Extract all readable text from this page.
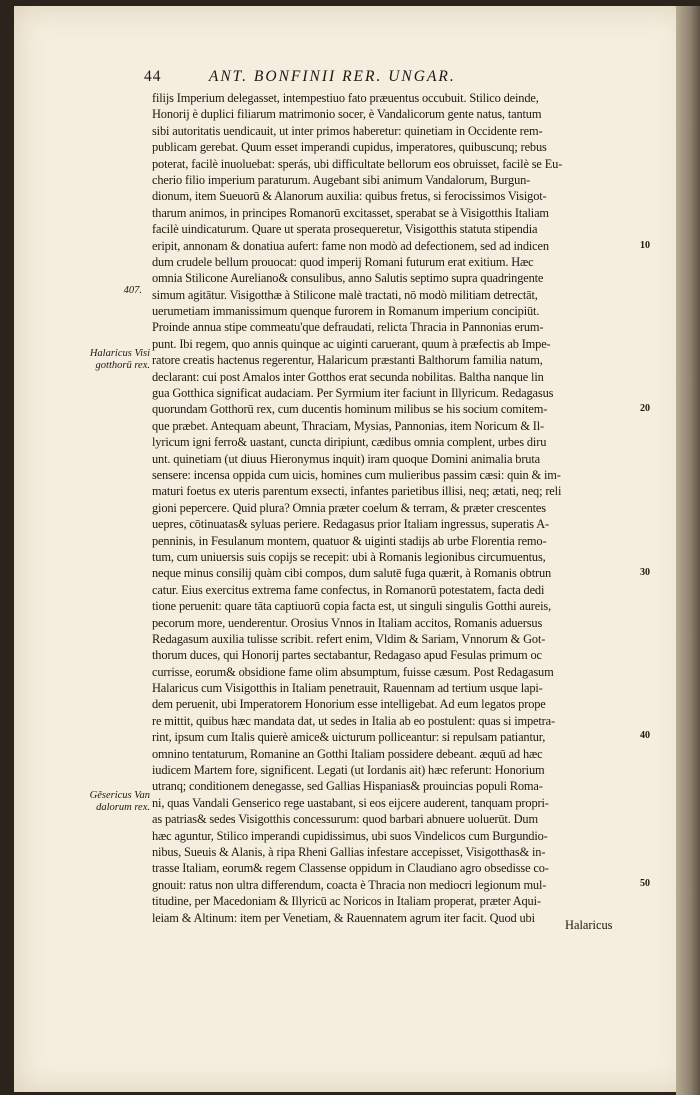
44	ANT. BONFINII RER. UNGAR.
filijs Imperium delegasset, intempestiuo fato præuentus occubuit. Stilico deinde,
Honorij è duplici filiarum matrimonio socer, è Vandalicorum gente natus, tantum
sibi autoritatis uendicauit, ut inter primos haberetur: quinetiam in Occidente rem-
publicam gerebat. Quum esset imperandi cupidus, imperatores, quibuscunq; rebus
poterat, facilè inuoluebat: sperás, ubi difficultate bellorum eos obruisset, facilè se Eu-
cherio filio imperium paraturum. Augebant sibi animum Vandalorum, Burgun-
dionum, item Sueuorū & Alanorum auxilia: quibus fretus, si ferocissimos Visigot-
tharum animos, in principes Romanorū excitasset, sperabat se à Visigotthis Italiam
facilè uindicaturum. Quare ut sperata prosequeretur, Visigotthis statuta stipendia
eripit, annonam & donatiua aufert: fame non modò ad defectionem, sed ad indicen
dum crudele bellum prouocat: quod imperij Romani futurum erat exitium. Hæc
omnia Stilicone Aureliano& consulibus, anno Salutis septimo supra quadringente
simum agitātur. Visigotthæ à Stilicone malè tractati, nō modò militiam detrectāt,
uerumetiam immanissimum quenque furorem in Romanum imperium concipiūt.
Proinde annua stipe commeatu'que defraudati, relicta Thracia in Pannonias erum-
punt. Ibi regem, quo annis quinque ac uiginti caruerant, quum à præfectis ab Impe-
ratore creatis hactenus regerentur, Halaricum præstanti Balthorum familia natum,
declarant: cui post Amalos inter Gotthos erat secunda nobilitas. Baltha nanque lin
gua Gotthica significat audaciam. Per Syrmium iter faciunt in Illyricum. Redagasus
quorundam Gotthorū rex, cum ducentis hominum milibus se his socium comitem-
que præbet. Antequam abeunt, Thraciam, Mysias, Pannonias, item Noricum & Il-
lyricum igni ferro& uastant, cuncta diripiunt, cædibus omnia complent, urbes diru
unt. quinetiam (ut diuus Hieronymus inquit) iram quoque Domini animalia bruta
sensere: incensa oppida cum uicis, homines cum mulieribus passim cæsi: quin & im-
maturi foetus ex uteris parentum exsecti, infantes parietibus illisi, neq; ætati, neq; reli
gioni pepercere. Quid plura? Omnia præter coelum & terram, & præter crescentes
uepres, cōtinuatas& syluas periere. Redagasus prior Italiam ingressus, superatis A-
penninis, in Fesulanum montem, quatuor & uiginti stadijs ab urbe Florentia remo-
tum, cum uniuersis suis copijs se recepit: ubi à Romanis legionibus circumuentus,
neque minus consilij quàm cibi compos, dum salutē fuga quærit, à Romanis obtrun
catur. Eius exercitus extrema fame confectus, in Romanorū potestatem, facta dedi
tione peruenit: quare tāta captiuorū copia facta est, ut singuli singulis Gotthi aureis,
pecorum more, uenderentur. Orosius Vnnos in Italiam accitos, Romanis aduersus
Redagasum auxilia tulisse scribit. refert enim, Vldim & Sariam, Vnnorum & Got-
thorum duces, qui Honorij partes sectabantur, Redagaso apud Fesulas primum oc
currisse, eorum& obsidione fame olim absumptum, fuisse cæsum. Post Redagasum
Halaricus cum Visigotthis in Italiam penetrauit, Rauennam ad tertium usque lapi-
dem peruenit, ubi Imperatorem Honorium esse intelligebat. Ad eum legatos prope
re mittit, quibus hæc mandata dat, ut sedes in Italia ab eo postulent: quas si impetra-
rint, ipsum cum Italis quierè amice& uicturum polliceantur: si repulsam patiantur,
omnino tentaturum, Romanine an Gotthi Italiam possidere debeant. æquū ad hæc
iudicem Martem fore, significent. Legati (ut Iordanis ait) hæc referunt: Honorium
utranq; conditionem denegasse, sed Gallias Hispanias& prouincias populi Roma-
ni, quas Vandali Genserico rege uastabant, si eos eijcere auderent, tanquam propri-
as patrias& sedes Visigotthis concessurum: quod barbari abnuere uoluerūt. Dum
hæc aguntur, Stilico imperandi cupidissimus, ubi suos Vindelicos cum Burgundio-
nibus, Sueuis & Alanis, à ripa Rheni Gallias infestare accepisset, Visigotthas& in-
trasse Italiam, eorum& regem Classense oppidum in Claudiano agro obsedisse co-
gnouit: ratus non ultra differendum, coacta è Thracia non mediocri legionum mul-
titudine, per Macedoniam & Illyricū ac Noricos in Italiam properat, præter Aqui-
leiam & Altinum: item per Venetiam, & Rauennatem agrum iter facit. Quod ubi
Halaricus
407.
Halaricus Visi gotthorū rex.
Gēsericus Van dalorum rex.
10
20
30
40
50
